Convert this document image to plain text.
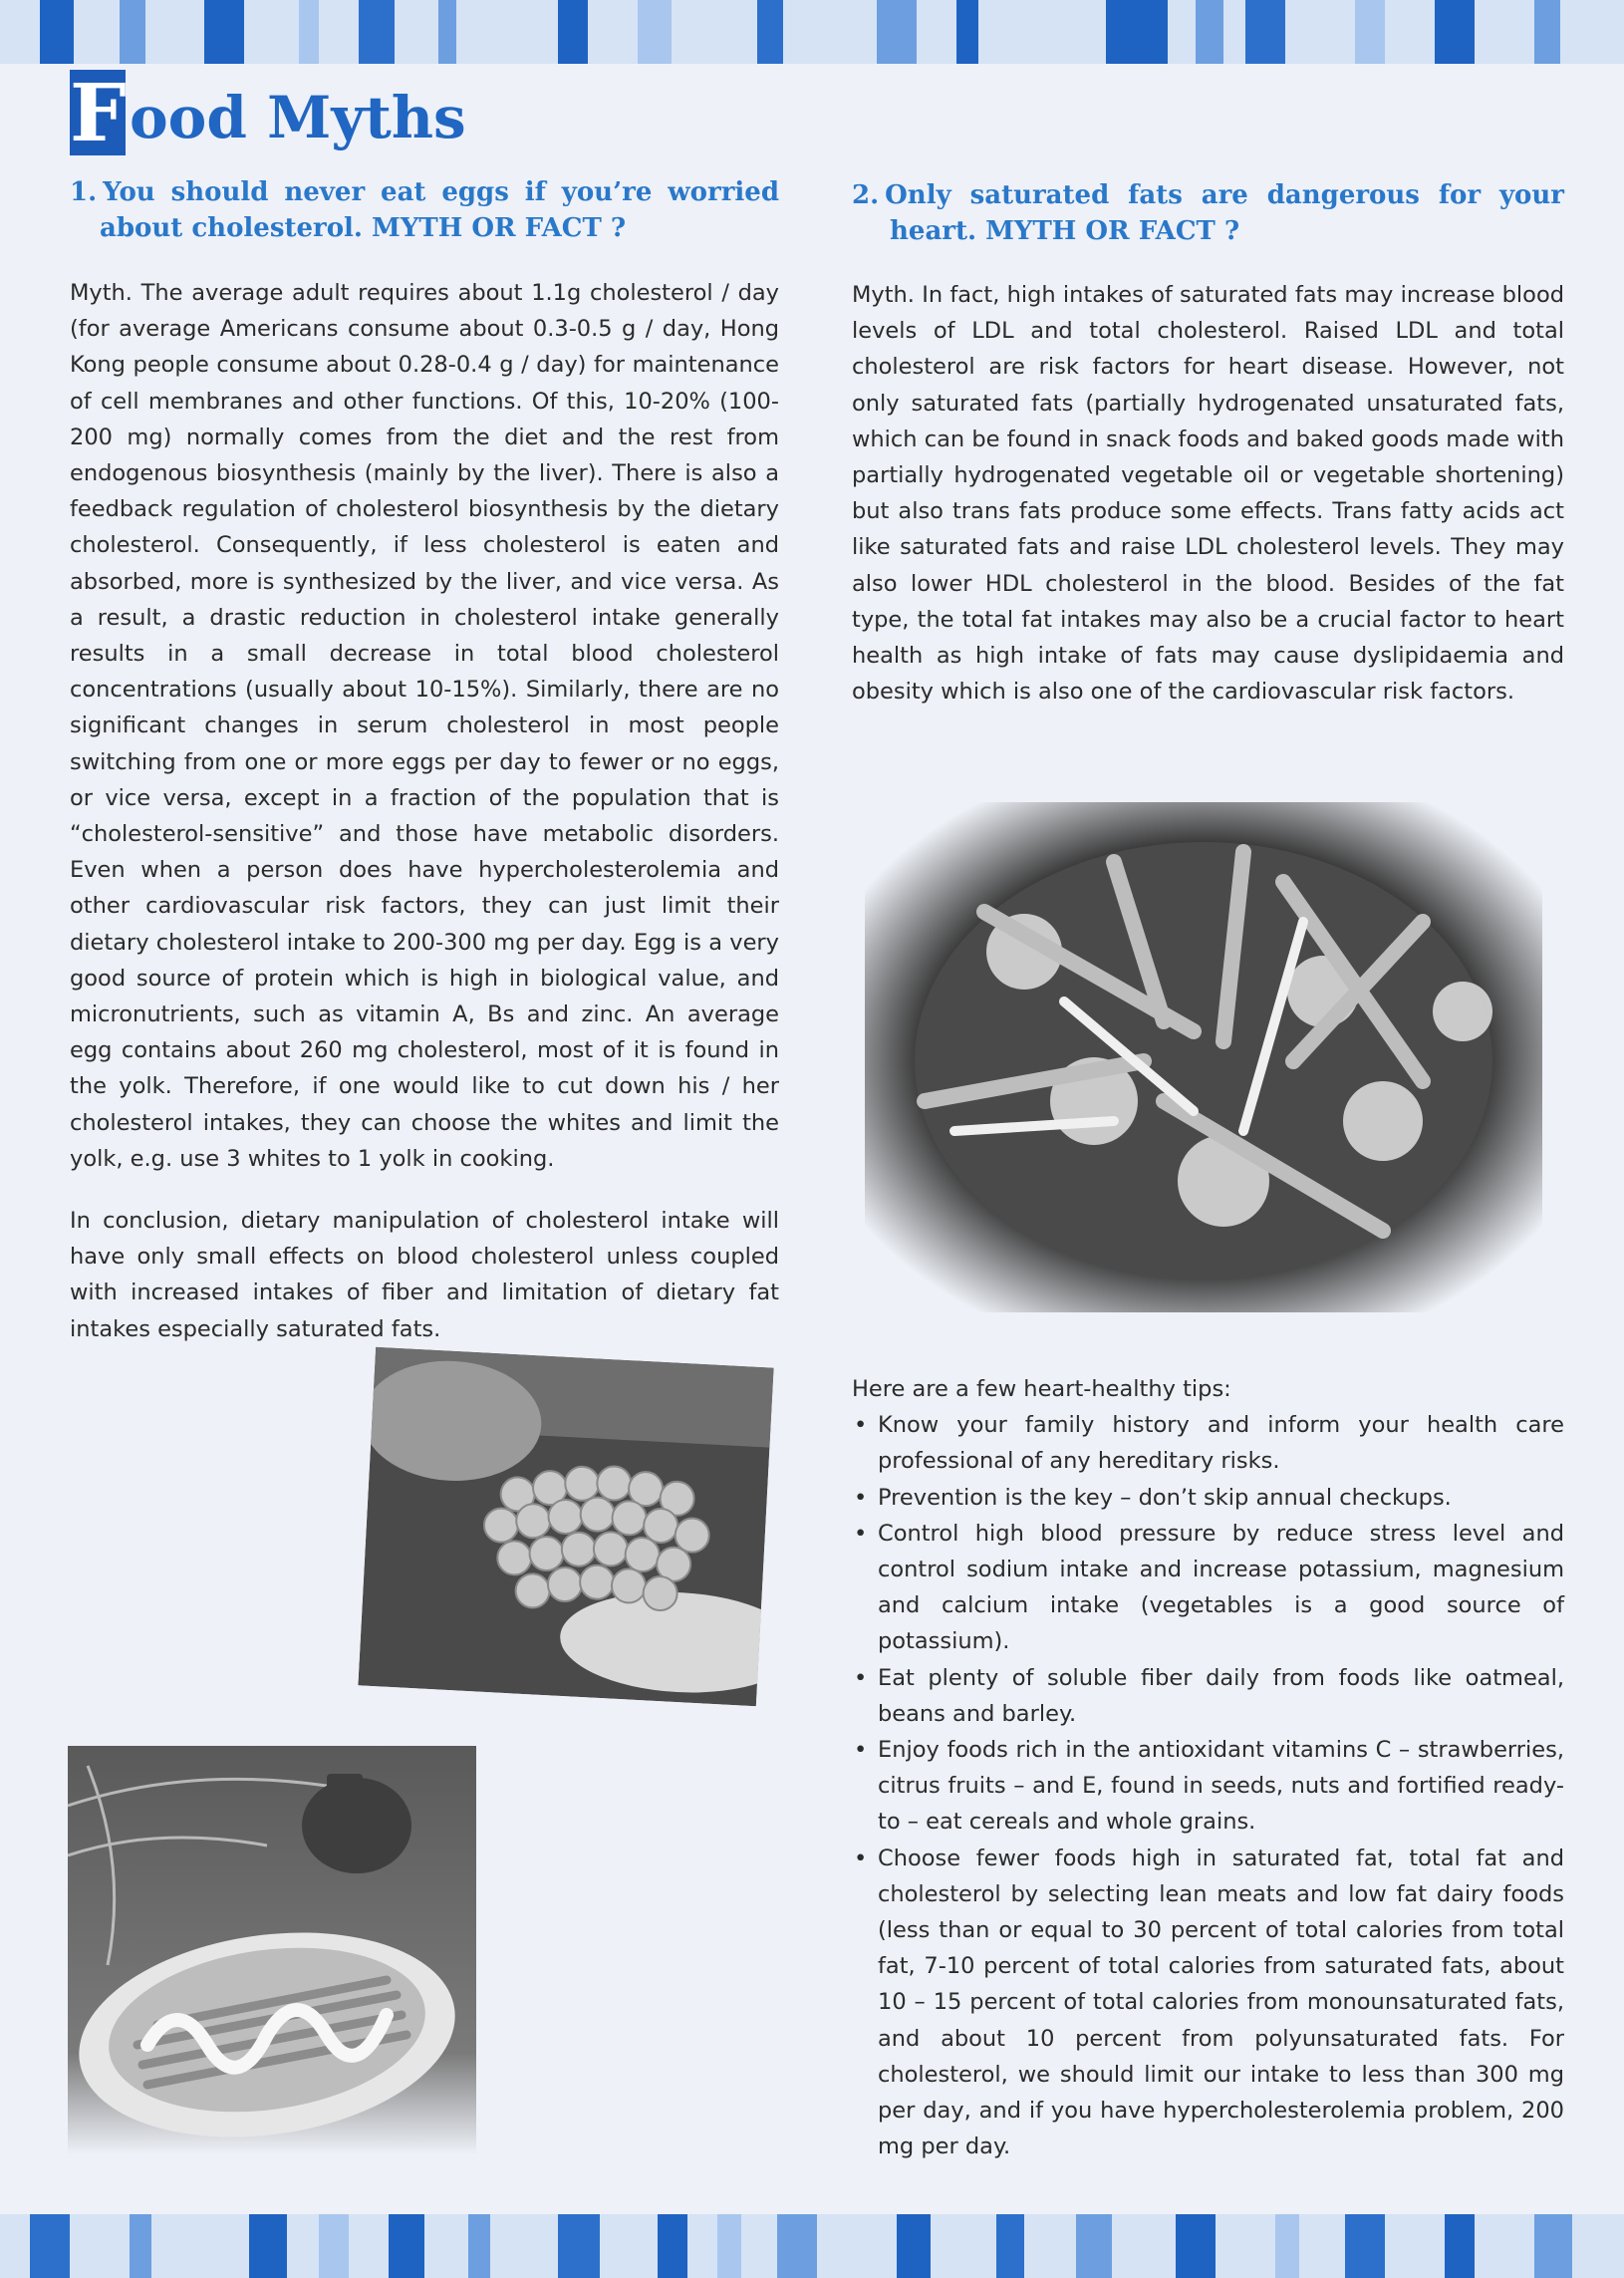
F ood Myths
1. You should never eat eggs if you’re worried about cholesterol. MYTH OR FACT ?

Myth. The average adult requires about 1.1g cholesterol / day (for average Americans consume about 0.3-0.5 g / day, Hong Kong people consume about 0.28-0.4 g / day) for maintenance of cell membranes and other functions. Of this, 10-20% (100-200 mg) normally comes from the diet and the rest from endogenous biosynthesis (mainly by the liver). There is also a feedback regulation of cholesterol biosynthesis by the dietary cholesterol. Consequently, if less cholesterol is eaten and absorbed, more is synthesized by the liver, and vice versa. As a result, a drastic reduction in cholesterol intake generally results in a small decrease in total blood cholesterol concentrations (usually about 10-15%). Similarly, there are no significant changes in serum cholesterol in most people switching from one or more eggs per day to fewer or no eggs, or vice versa, except in a fraction of the population that is “cholesterol-sensitive” and those have metabolic disorders. Even when a person does have hypercholesterolemia and other cardiovascular risk factors, they can just limit their dietary cholesterol intake to 200-300 mg per day. Egg is a very good source of protein which is high in biological value, and micronutrients, such as vitamin A, Bs and zinc. An average egg contains about 260 mg cholesterol, most of it is found in the yolk. Therefore, if one would like to cut down his / her cholesterol intakes, they can choose the whites and limit the yolk, e.g. use 3 whites to 1 yolk in cooking.

In conclusion, dietary manipulation of cholesterol intake will have only small effects on blood cholesterol unless coupled with increased intakes of fiber and limitation of dietary fat intakes especially saturated fats.

2. Only saturated fats are dangerous for your heart. MYTH OR FACT ?

Myth. In fact, high intakes of saturated fats may increase blood levels of LDL and total cholesterol. Raised LDL and total cholesterol are risk factors for heart disease. However, not only saturated fats (partially hydrogenated unsaturated fats, which can be found in snack foods and baked goods made with partially hydrogenated vegetable oil or vegetable shortening) but also trans fats produce some effects. Trans fatty acids act like saturated fats and raise LDL cholesterol levels. They may also lower HDL cholesterol in the blood. Besides of the fat type, the total fat intakes may also be a crucial factor to heart health as high intake of fats may cause dyslipidaemia and obesity which is also one of the cardiovascular risk factors.

Here are a few heart-healthy tips:
• Know your family history and inform your health care professional of any hereditary risks.
• Prevention is the key – don’t skip annual checkups.
• Control high blood pressure by reduce stress level and control sodium intake and increase potassium, magnesium and calcium intake (vegetables is a good source of potassium).
• Eat plenty of soluble fiber daily from foods like oatmeal, beans and barley.
• Enjoy foods rich in the antioxidant vitamins C – strawberries, citrus fruits – and E, found in seeds, nuts and fortified ready-to – eat cereals and whole grains.
• Choose fewer foods high in saturated fat, total fat and cholesterol by selecting lean meats and low fat dairy foods (less than or equal to 30 percent of total calories from total fat, 7-10 percent of total calories from saturated fats, about 10 – 15 percent of total calories from monounsaturated fats, and about 10 percent from polyunsaturated fats. For cholesterol, we should limit our intake to less than 300 mg per day, and if you have hypercholesterolemia problem, 200 mg per day.
